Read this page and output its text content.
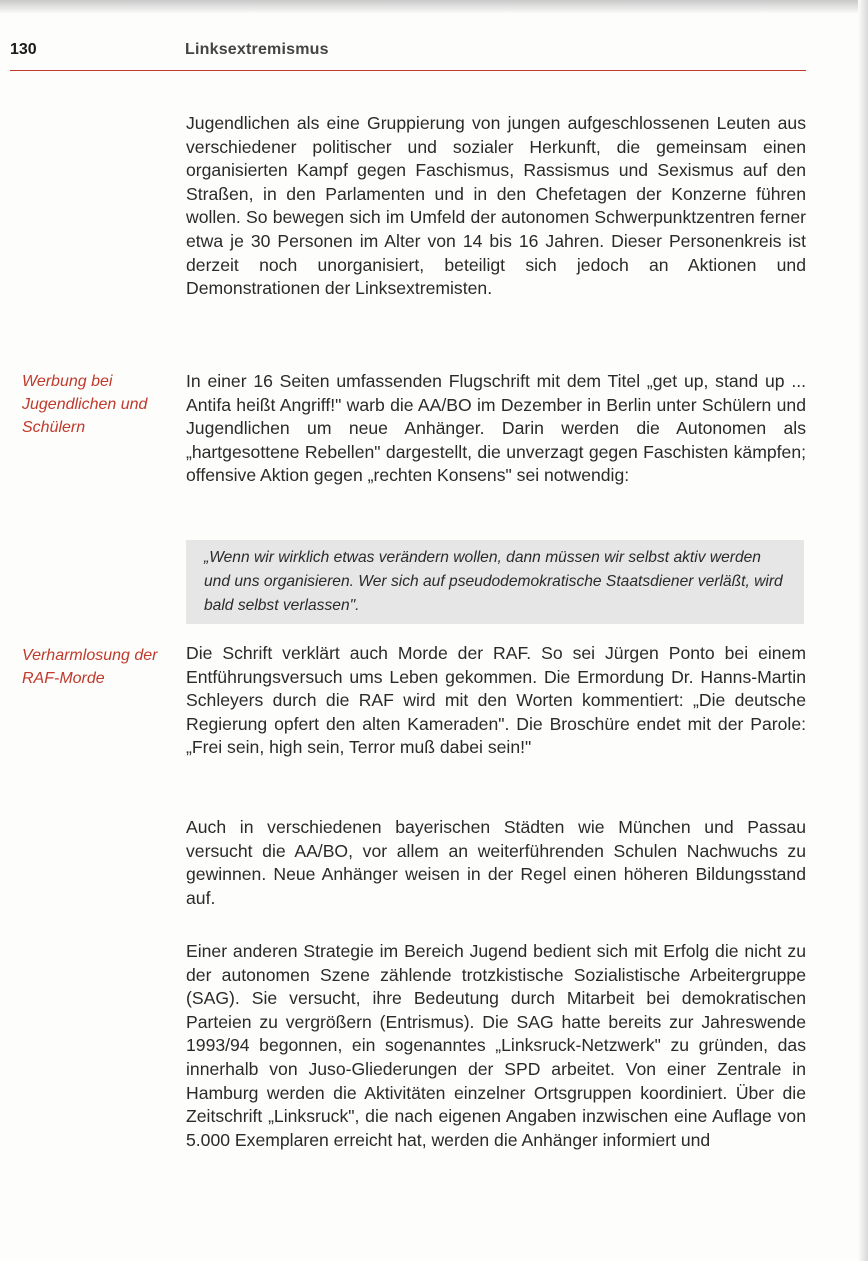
130	Linksextremismus

Jugendlichen als eine Gruppierung von jungen aufgeschlossenen Leuten aus verschiedener politischer und sozialer Herkunft, die gemeinsam einen organisierten Kampf gegen Faschismus, Rassismus und Sexismus auf den Straßen, in den Parlamenten und in den Chefetagen der Konzerne führen wollen. So bewegen sich im Umfeld der autonomen Schwerpunktzentren ferner etwa je 30 Personen im Alter von 14 bis 16 Jahren. Dieser Personenkreis ist derzeit noch unorganisiert, beteiligt sich jedoch an Aktionen und Demonstrationen der Linksextremisten.

Werbung bei Jugendlichen und Schülern

In einer 16 Seiten umfassenden Flugschrift mit dem Titel „get up, stand up ... Antifa heißt Angriff!" warb die AA/BO im Dezember in Berlin unter Schülern und Jugendlichen um neue Anhänger. Darin werden die Autonomen als „hartgesottene Rebellen" dargestellt, die unverzagt gegen Faschisten kämpfen; offensive Aktion gegen „rechten Konsens" sei notwendig:

„Wenn wir wirklich etwas verändern wollen, dann müssen wir selbst aktiv werden und uns organisieren. Wer sich auf pseudodemokratische Staatsdiener verläßt, wird bald selbst verlassen".
Verharmlosung der RAF-Morde

Die Schrift verklärt auch Morde der RAF. So sei Jürgen Ponto bei einem Entführungsversuch ums Leben gekommen. Die Ermordung Dr. Hanns-Martin Schleyers durch die RAF wird mit den Worten kommentiert: „Die deutsche Regierung opfert den alten Kameraden". Die Broschüre endet mit der Parole: „Frei sein, high sein, Terror muß dabei sein!"

Auch in verschiedenen bayerischen Städten wie München und Passau versucht die AA/BO, vor allem an weiterführenden Schulen Nachwuchs zu gewinnen. Neue Anhänger weisen in der Regel einen höheren Bildungsstand auf.

Einer anderen Strategie im Bereich Jugend bedient sich mit Erfolg die nicht zu der autonomen Szene zählende trotzkistische Sozialistische Arbeitergruppe (SAG). Sie versucht, ihre Bedeutung durch Mitarbeit bei demokratischen Parteien zu vergrößern (Entrismus). Die SAG hatte bereits zur Jahreswende 1993/94 begonnen, ein sogenanntes „Linksruck-Netzwerk" zu gründen, das innerhalb von Juso-Gliederungen der SPD arbeitet. Von einer Zentrale in Hamburg werden die Aktivitäten einzelner Ortsgruppen koordiniert. Über die Zeitschrift „Linksruck", die nach eigenen Angaben inzwischen eine Auflage von 5.000 Exemplaren erreicht hat, werden die Anhänger informiert und
